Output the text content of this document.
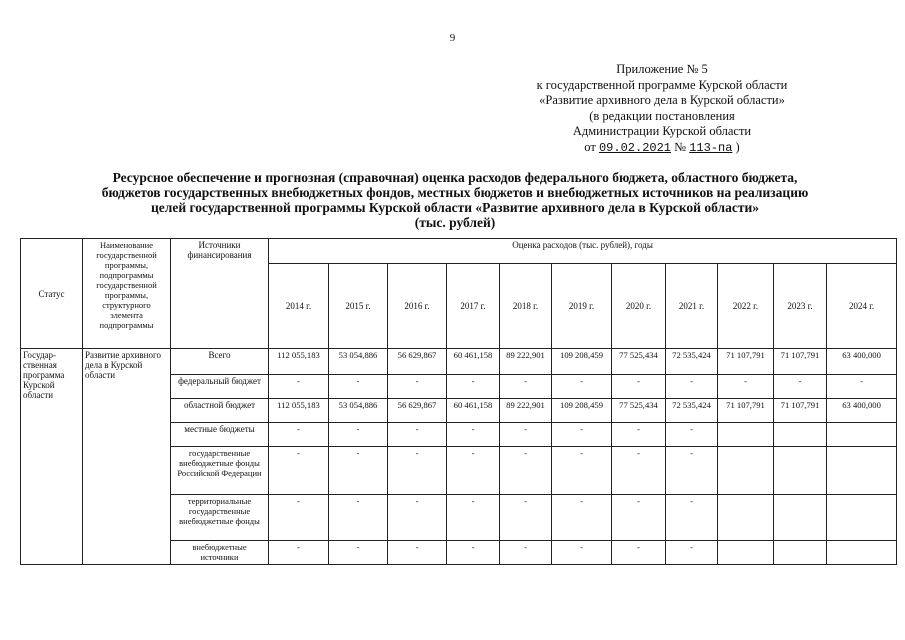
9
Приложение № 5
к государственной программе Курской области
«Развитие архивного дела в Курской области»
(в редакции постановления
Администрации Курской области
от 09.02.2021 № 113-па )
Ресурсное обеспечение и прогнозная (справочная) оценка расходов федерального бюджета, областного бюджета,
бюджетов государственных внебюджетных фондов, местных бюджетов и внебюджетных источников на реализацию
целей государственной программы Курской области «Развитие архивного дела в Курской области»
(тыс. рублей)
Статус	Наименование государственной программы, подпрограммы государственной программы, структурного элемента подпрограммы	Источники финансирования	Оценка расходов (тыс. рублей), годы										
			2014 г.	2015 г.	2016 г.	2017 г.	2018 г.	2019 г.	2020 г.	2021 г.	2022 г.	2023 г.	2024 г.
Государ-ственная программа Курской области	Развитие архивного дела в Курской области	Всего	112 055,183	53 054,886	56 629,867	60 461,158	89 222,901	109 208,459	77 525,434	72 535,424	71 107,791	71 107,791	63 400,000
		федеральный бюджет	-	-	-	-	-	-	-	-	-	-	-
		областной бюджет	112 055,183	53 054,886	56 629,867	60 461,158	89 222,901	109 208,459	77 525,434	72 535,424	71 107,791	71 107,791	63 400,000
		местные бюджеты	-	-	-	-	-	-	-	-			
		государственные внебюджетные фонды Российской Федерации	-	-	-	-	-	-	-	-			
		территориальные государственные внебюджетные фонды	-	-	-	-	-	-	-	-			
		внебюджетные источники	-	-	-	-	-	-	-	-			
